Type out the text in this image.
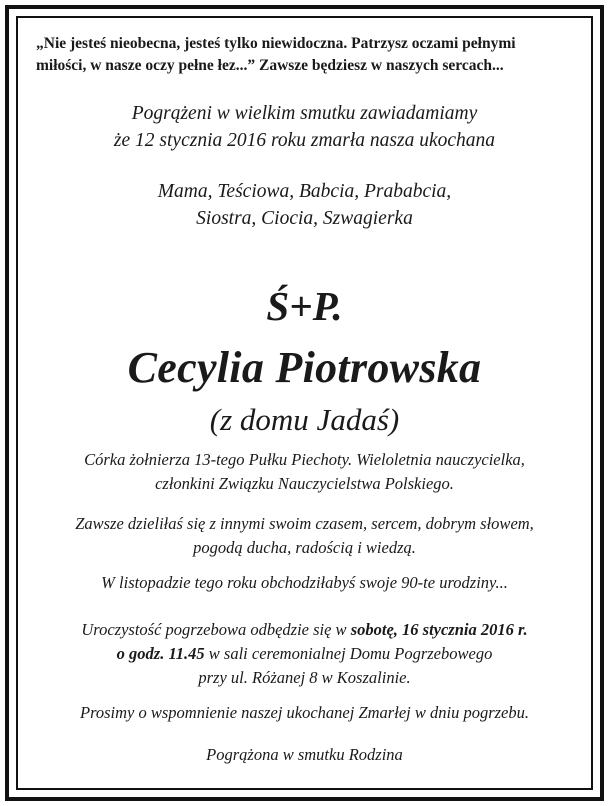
„Nie jesteś nieobecna, jesteś tylko niewidoczna. Patrzysz oczami pełnymi
miłości, w nasze oczy pełne łez...” Zawsze będziesz w naszych sercach...
Pogrążeni w wielkim smutku zawiadamiamy
że 12 stycznia 2016 roku zmarła nasza ukochana
Mama, Teściowa, Babcia, Prababcia,
Siostra, Ciocia, Szwagierka
Ś+P.
Cecylia Piotrowska
(z domu Jadaś)
Córka żołnierza 13-tego Pułku Piechoty. Wieloletnia nauczycielka,
członkini Związku Nauczycielstwa Polskiego.
Zawsze dzieliłaś się z innymi swoim czasem, sercem, dobrym słowem,
pogodą ducha, radością i wiedzą.
W listopadzie tego roku obchodziłabyś swoje 90-te urodziny...
Uroczystość pogrzebowa odbędzie się w sobotę, 16 stycznia 2016 r.
o godz. 11.45 w sali ceremonialnej Domu Pogrzebowego
przy ul. Różanej 8 w Koszalinie.
Prosimy o wspomnienie naszej ukochanej Zmarłej w dniu pogrzebu.
Pogrążona w smutku Rodzina
